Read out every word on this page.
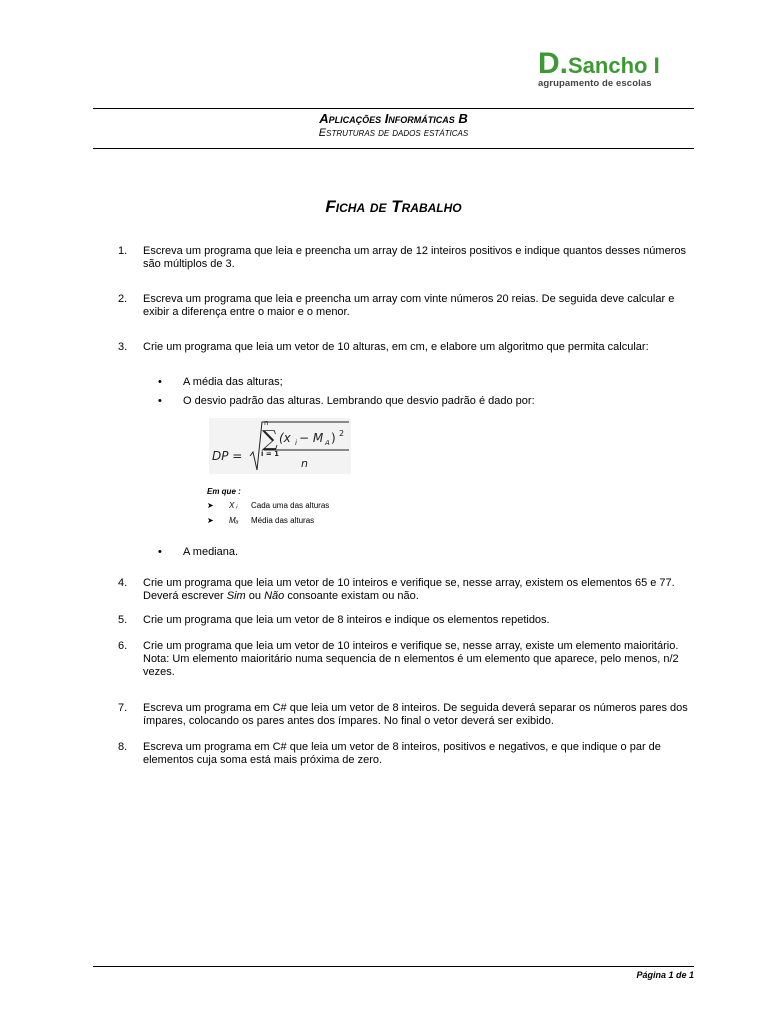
D.Sancho I
agrupamento de escolas
Aplicações Informáticas B
Estruturas de dados estáticas
Ficha de Trabalho
1. Escreva um programa que leia e preencha um array de 12 inteiros positivos e indique quantos desses números são múltiplos de 3.
2. Escreva um programa que leia e preencha um array com vinte números 20 reias. De seguida deve calcular e exibir a diferença entre o maior e o menor.
3. Crie um programa que leia um vetor de 10 alturas, em cm, e elabore um algoritmo que permita calcular:
• A média das alturas;
• O desvio padrão das alturas. Lembrando que desvio padrão é dado por:
DP =
n
∑
i = 1
(x i − M A ) 2
n
Em que :
➤ X ᵢ Cada uma das alturas
➤ Mₐ Média das alturas
• A mediana.
4. Crie um programa que leia um vetor de 10 inteiros e verifique se, nesse array, existem os elementos 65 e 77. Deverá escrever Sim ou Não consoante existam ou não.
5. Crie um programa que leia um vetor de 8 inteiros e indique os elementos repetidos.
6. Crie um programa que leia um vetor de 10 inteiros e verifique se, nesse array, existe um elemento maioritário.
Nota: Um elemento maioritário numa sequencia de n elementos é um elemento que aparece, pelo menos, n/2 vezes.
7. Escreva um programa em C# que leia um vetor de 8 inteiros. De seguida deverá separar os números pares dos ímpares, colocando os pares antes dos ímpares. No final o vetor deverá ser exibido.
8. Escreva um programa em C# que leia um vetor de 8 inteiros, positivos e negativos, e que indique o par de elementos cuja soma está mais próxima de zero.
Página 1 de 1
